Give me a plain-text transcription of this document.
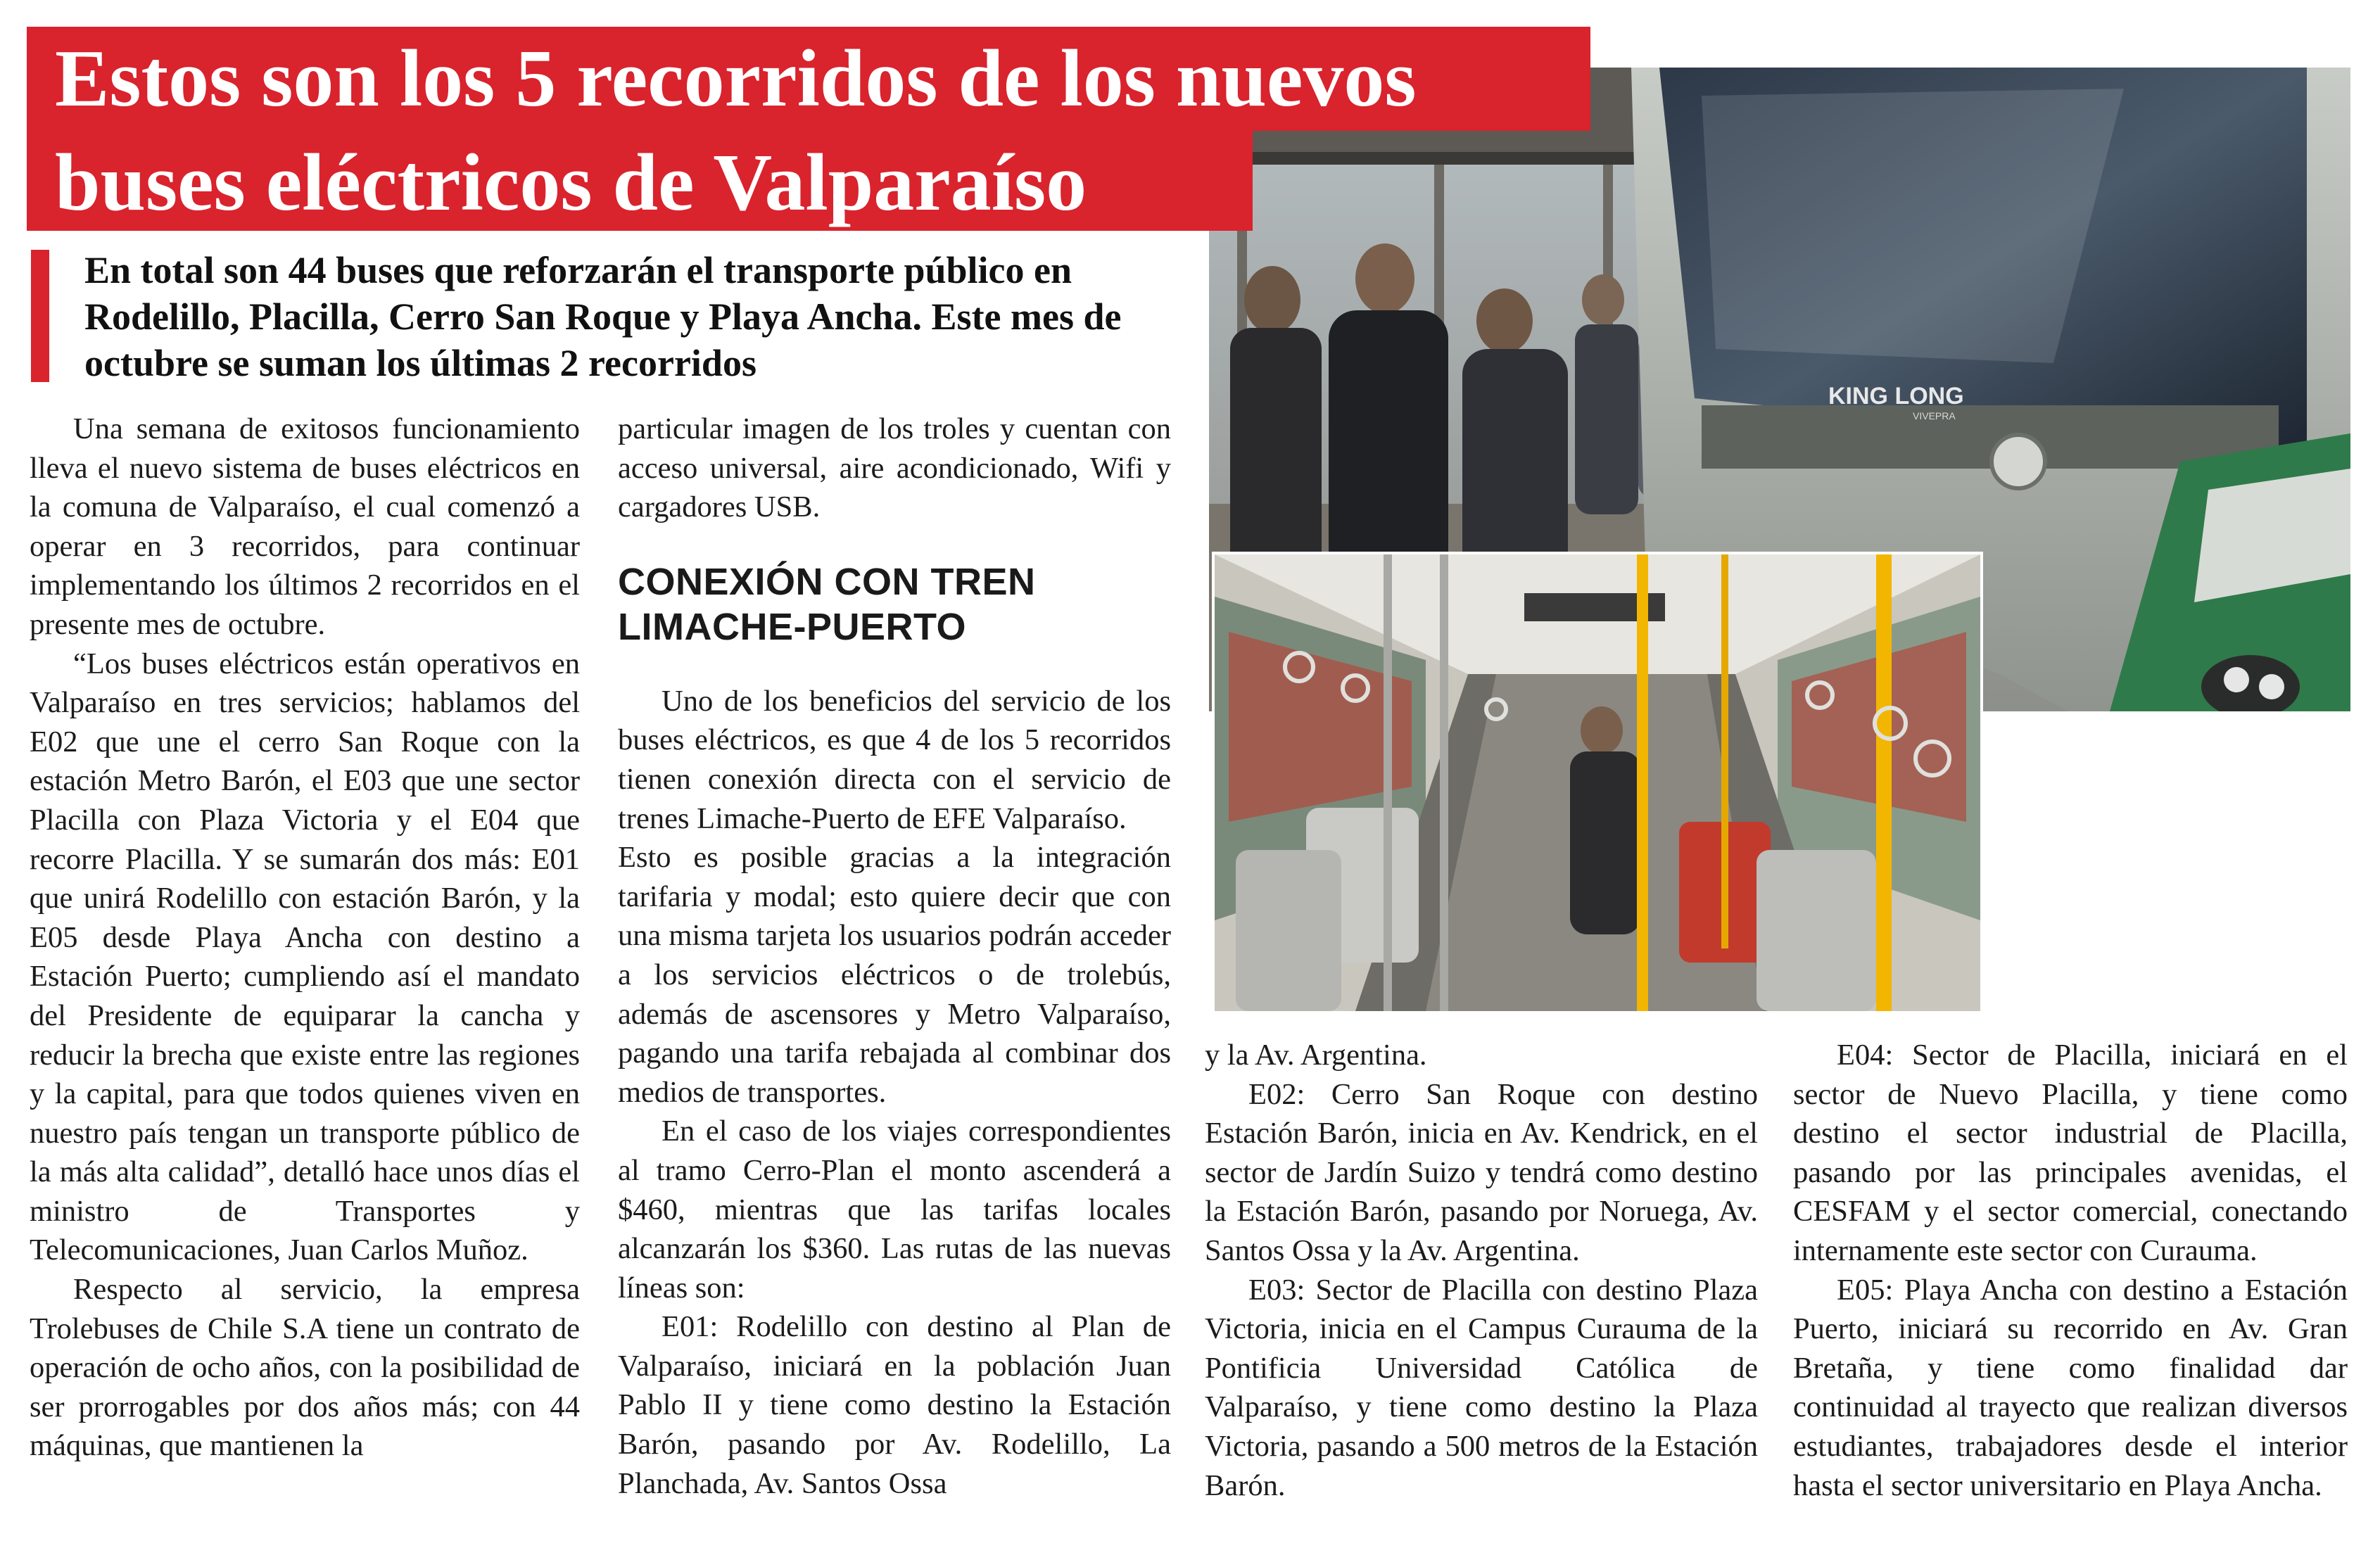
KING LONG
VIVEPRA
Estos son los 5 recorridos de los nuevos
buses eléctricos de Valparaíso
En total son 44 buses que reforzarán el transporte público en Rodelillo, Placilla, Cerro San Roque y Playa Ancha. Este mes de octubre se suman los últimas 2 recorridos

Una semana de exitosos funcionamiento lleva el nuevo sistema de buses eléctricos en la comuna de Valparaíso, el cual comenzó a operar en 3 recorridos, para continuar implementando los últimos 2 recorridos en el presente mes de octubre.

“Los buses eléctricos están operativos en Valparaíso en tres servicios; hablamos del E02 que une el cerro San Roque con la estación Metro Barón, el E03 que une sector Placilla con Plaza Victoria y el E04 que recorre Placilla. Y se sumarán dos más: E01 que unirá Rodelillo con estación Barón, y la E05 desde Playa Ancha con destino a Estación Puerto; cumpliendo así el mandato del Presidente de equiparar la cancha y reducir la brecha que existe entre las regiones y la capital, para que todos quienes viven en nuestro país tengan un transporte público de la más alta calidad”, detalló hace unos días el ministro de Transportes y Telecomunicaciones, Juan Carlos Muñoz.

Respecto al servicio, la empresa Trolebuses de Chile S.A tiene un contrato de operación de ocho años, con la posibilidad de ser prorrogables por dos años más; con 44 máquinas, que mantienen la

particular imagen de los troles y cuentan con acceso universal, aire acondicionado, Wifi y cargadores USB.

CONEXIÓN CON TREN LIMACHE-PUERTO

Uno de los beneficios del servicio de los buses eléctricos, es que 4 de los 5 recorridos tienen conexión directa con el servicio de trenes Limache-Puerto de EFE Valparaíso.

Esto es posible gracias a la integración tarifaria y modal; esto quiere decir que con una misma tarjeta los usuarios podrán acceder a los servicios eléctricos o de trolebús, además de ascensores y Metro Valparaíso, pagando una tarifa rebajada al combinar dos medios de transportes.

En el caso de los viajes correspondientes al tramo Cerro-Plan el monto ascenderá a $460, mientras que las tarifas locales alcanzarán los $360. Las rutas de las nuevas líneas son:

E01: Rodelillo con destino al Plan de Valparaíso, iniciará en la población Juan Pablo II y tiene como destino la Estación Barón, pasando por Av. Rodelillo, La Planchada, Av. Santos Ossa

y la Av. Argentina.

E02: Cerro San Roque con destino Estación Barón, inicia en Av. Kendrick, en el sector de Jardín Suizo y tendrá como destino la Estación Barón, pasando por Noruega, Av. Santos Ossa y la Av. Argentina.

E03: Sector de Placilla con destino Plaza Victoria, inicia en el Campus Curauma de la Pontificia Universidad Católica de Valparaíso, y tiene como destino la Plaza Victoria, pasando a 500 metros de la Estación Barón.

E04: Sector de Placilla, iniciará en el sector de Nuevo Placilla, y tiene como destino el sector industrial de Placilla, pasando por las principales avenidas, el CESFAM y el sector comercial, conectando internamente este sector con Curauma.

E05: Playa Ancha con destino a Estación Puerto, iniciará su recorrido en Av. Gran Bretaña, y tiene como finalidad dar continuidad al trayecto que realizan diversos estudiantes, trabajadores desde el interior hasta el sector universitario en Playa Ancha.
